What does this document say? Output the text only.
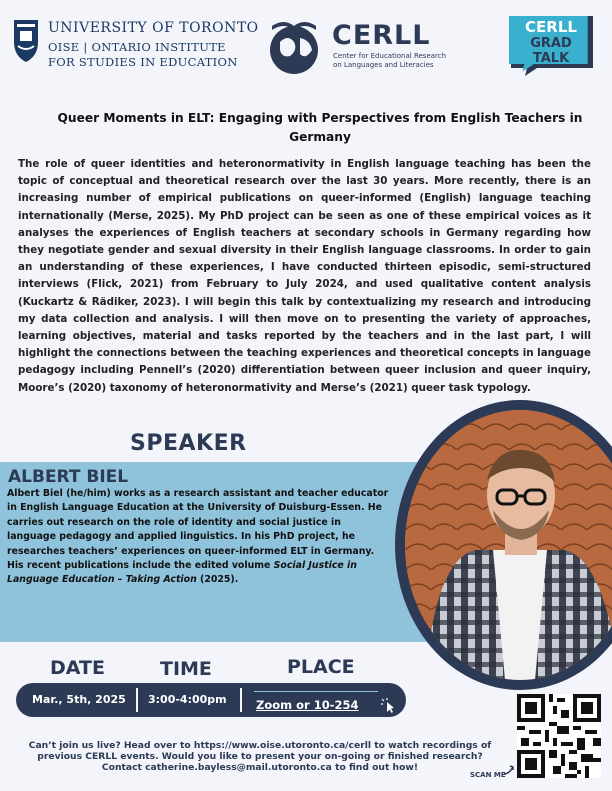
UNIVERSITY OF TORONTO
OISE | ONTARIO INSTITUTE
FOR STUDIES IN EDUCATION
CERLL
Center for Educational Research
on Languages and Literacies
CERLL
GRAD
TALK
Queer Moments in ELT: Engaging with Perspectives from English Teachers in Germany
The role of queer identities and heteronormativity in English language teaching has been the topic of conceptual and theoretical research over the last 30 years. More recently, there is an increasing number of empirical publications on queer-informed (English) language teaching internationally (Merse, 2025). My PhD project can be seen as one of these empirical voices as it analyses the experiences of English teachers at secondary schools in Germany regarding how they negotiate gender and sexual diversity in their English language classrooms. In order to gain an understanding of these experiences, I have conducted thirteen episodic, semi-structured interviews (Flick, 2021) from February to July 2024, and used qualitative content analysis (Kuckartz & Rädiker, 2023). I will begin this talk by contextualizing my research and introducing my data collection and analysis. I will then move on to presenting the variety of approaches, learning objectives, material and tasks reported by the teachers and in the last part, I will highlight the connections between the teaching experiences and theoretical concepts in language pedagogy including Pennell’s (2020) differentiation between queer inclusion and queer inquiry, Moore’s (2020) taxonomy of heteronormativity and Merse’s (2021) queer task typology.
SPEAKER
ALBERT BIEL
Albert Biel (he/him) works as a research assistant and teacher educator in English Language Education at the University of Duisburg-Essen. He carries out research on the role of identity and social justice in language pedagogy and applied linguistics. In his PhD project, he researches teachers’ experiences on queer-informed ELT in Germany. His recent publications include the edited volume Social Justice in Language Education – Taking Action (2025).
DATE	TIME	PLACE
Mar., 5th, 2025 3:00-4:00pm	Zoom or 10-254
Can’t join us live? Head over to https://www.oise.utoronto.ca/cerll to watch recordings of
previous CERLL events. Would you like to present your on-going or finished research?
Contact catherine.bayless@mail.utoronto.ca to find out how!
SCAN ME
